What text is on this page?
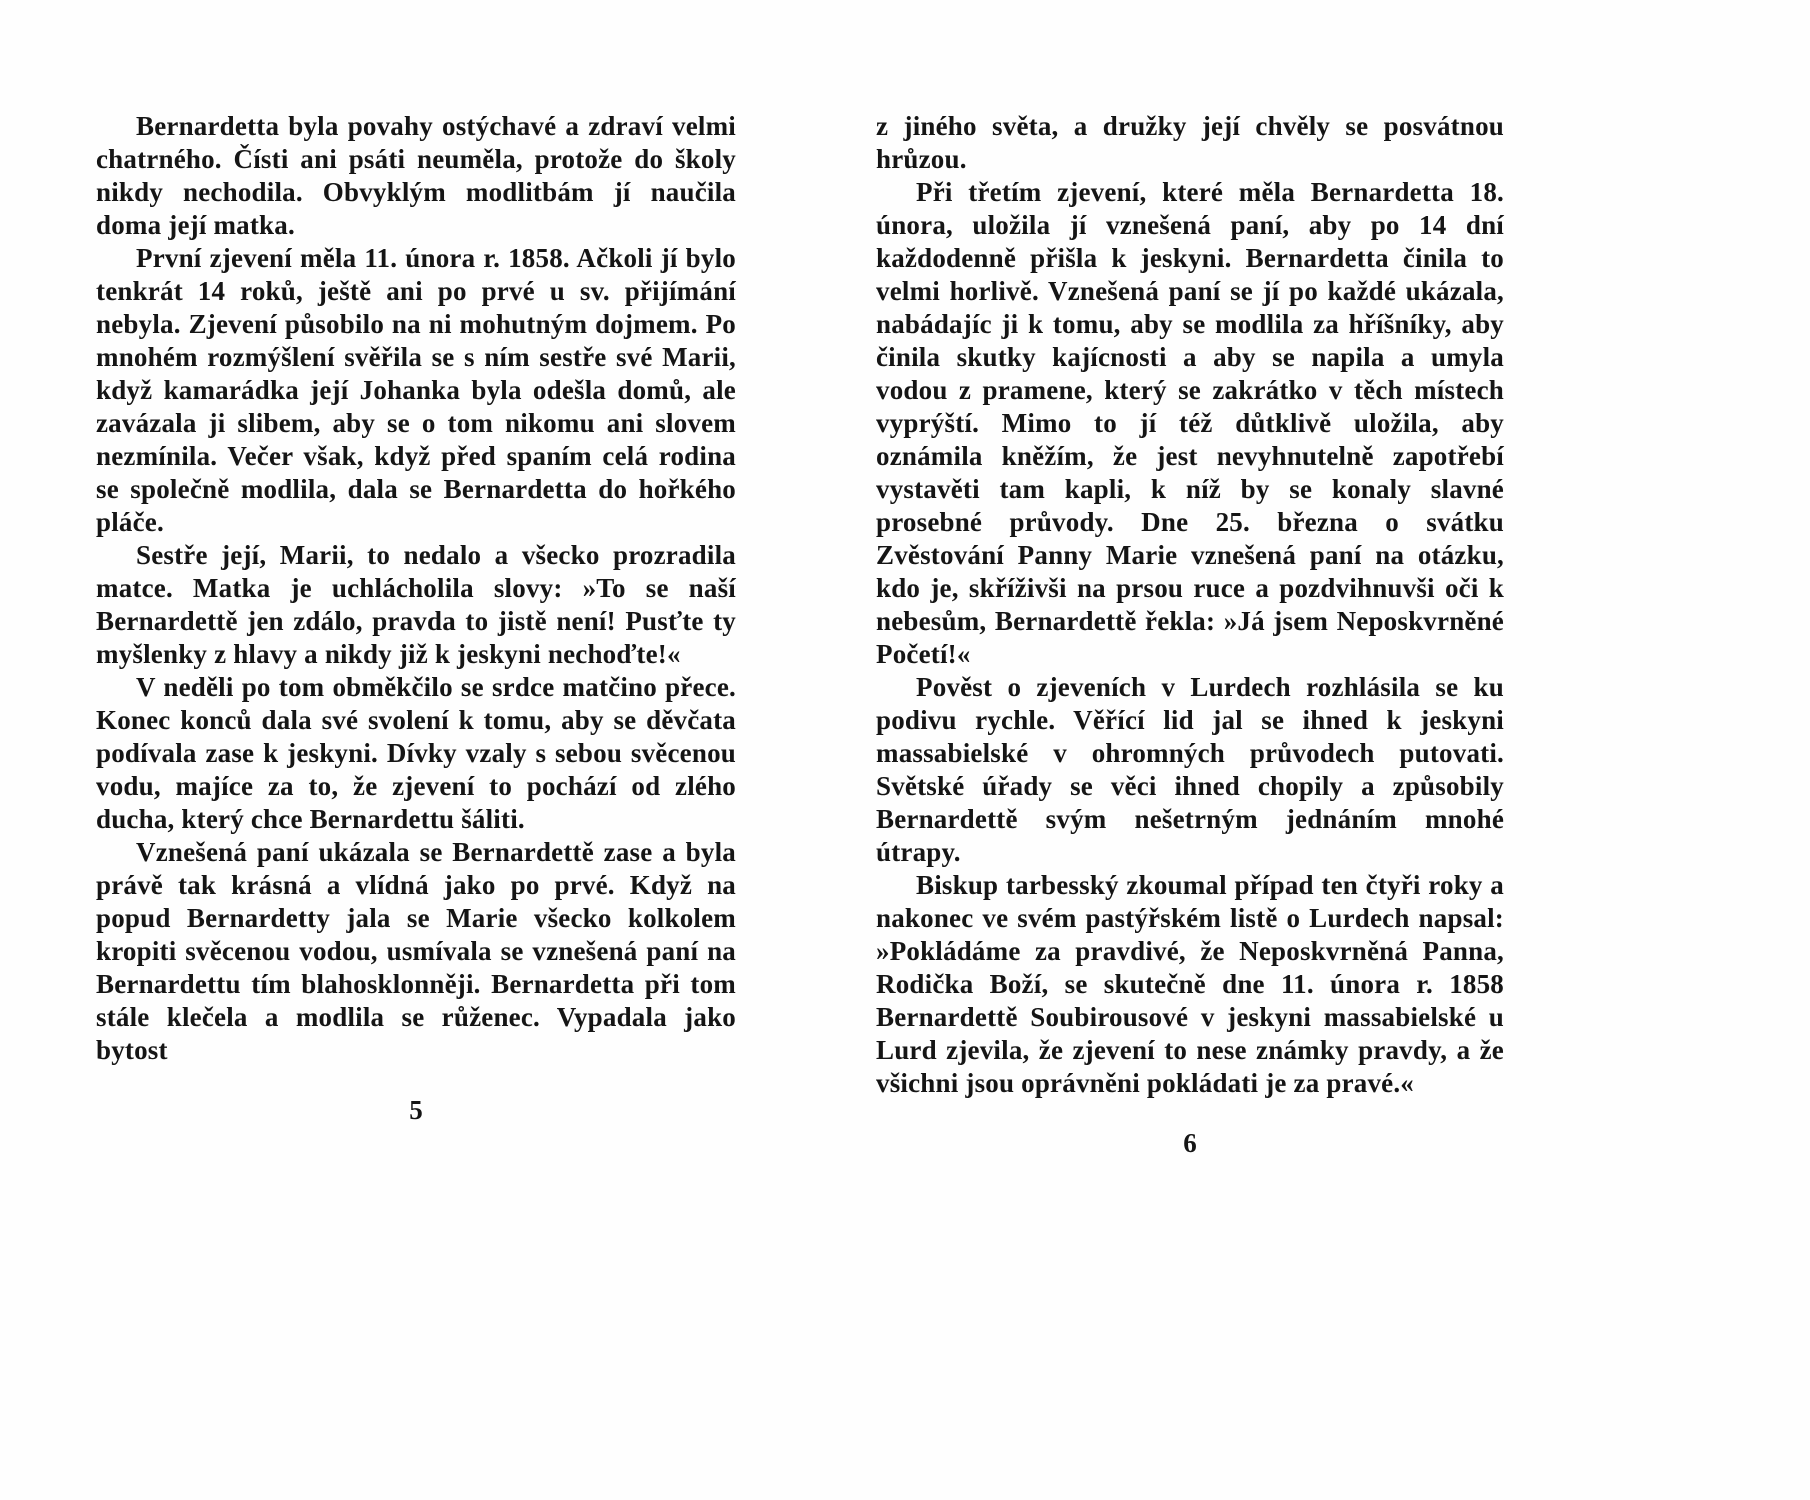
Bernardetta byla povahy ostýchavé a zdraví velmi chatrného. Čísti ani psáti neuměla, protože do školy nikdy nechodila. Obvyklým modlitbám jí naučila doma její matka.

První zjevení měla 11. února r. 1858. Ačkoli jí bylo tenkrát 14 roků, ještě ani po prvé u sv. přijímání nebyla. Zjevení působilo na ni mohutným dojmem. Po mnohém rozmýšlení svěřila se s ním sestře své Marii, když kamarádka její Johanka byla odešla domů, ale zavázala ji slibem, aby se o tom nikomu ani slovem nezmínila. Večer však, když před spaním celá rodina se společně modlila, dala se Bernardetta do hořkého pláče.

Sestře její, Marii, to nedalo a všecko prozradila matce. Matka je uchlácholila slovy: »To se naší Bernardettě jen zdálo, pravda to jistě není! Pusťte ty myšlenky z hlavy a nikdy již k jeskyni nechoďte!«

V neděli po tom obměkčilo se srdce matčino přece. Konec konců dala své svolení k tomu, aby se děvčata podívala zase k jeskyni. Dívky vzaly s sebou svěcenou vodu, majíce za to, že zjevení to pochází od zlého ducha, který chce Bernardettu šáliti.

Vznešená paní ukázala se Bernardettě zase a byla právě tak krásná a vlídná jako po prvé. Když na popud Bernardetty jala se Marie všecko kolkolem kropiti svěcenou vodou, usmívala se vznešená paní na Bernardettu tím blahosklonněji. Bernardetta při tom stále klečela a modlila se růženec. Vypadala jako bytost

5

z jiného světa, a družky její chvěly se posvátnou hrůzou.

Při třetím zjevení, které měla Bernardetta 18. února, uložila jí vznešená paní, aby po 14 dní každodenně přišla k jeskyni. Bernardetta činila to velmi horlivě. Vznešená paní se jí po každé ukázala, nabádajíc ji k tomu, aby se modlila za hříšníky, aby činila skutky kajícnosti a aby se napila a umyla vodou z pramene, který se zakrátko v těch místech vyprýští. Mimo to jí též důtklivě uložila, aby oznámila kněžím, že jest nevyhnutelně zapotřebí vystavěti tam kapli, k níž by se konaly slavné prosebné průvody. Dne 25. března o svátku Zvěstování Panny Marie vznešená paní na otázku, kdo je, skříživši na prsou ruce a pozdvihnuvši oči k nebesům, Bernardettě řekla: »Já jsem Neposkvrněné Početí!«

Pověst o zjeveních v Lurdech rozhlásila se ku podivu rychle. Věřící lid jal se ihned k jeskyni massabielské v ohromných průvodech putovati. Světské úřady se věci ihned chopily a způsobily Bernardettě svým nešetrným jednáním mnohé útrapy.

Biskup tarbesský zkoumal případ ten čtyři roky a nakonec ve svém pastýřském listě o Lurdech napsal: »Pokládáme za pravdivé, že Neposkvrněná Panna, Rodička Boží, se skutečně dne 11. února r. 1858 Bernardettě Soubirousové v jeskyni massabielské u Lurd zjevila, že zjevení to nese známky pravdy, a že všichni jsou oprávněni pokládati je za pravé.«

6
